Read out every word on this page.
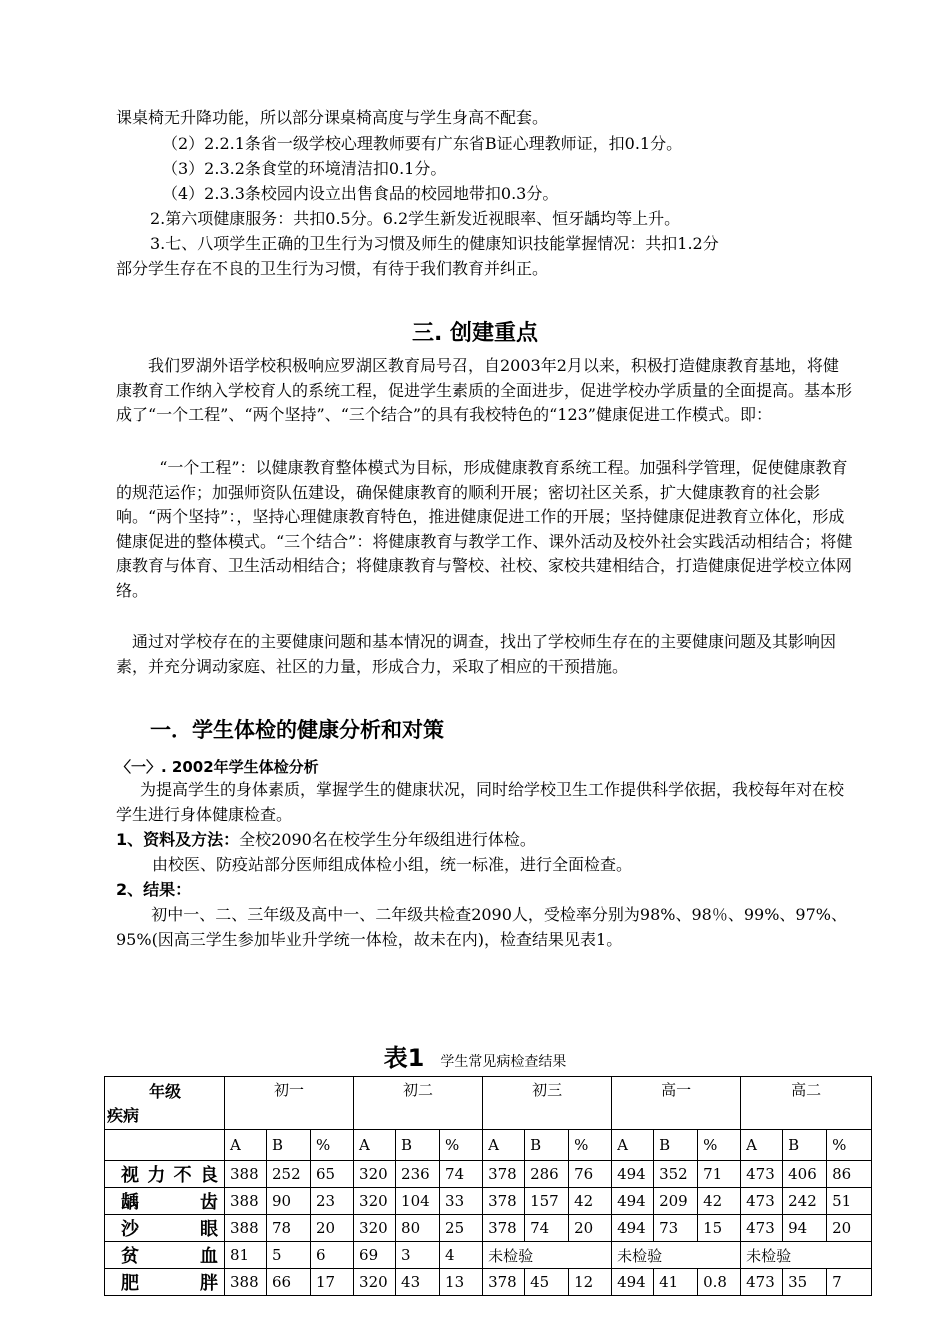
课桌椅无升降功能，所以部分课桌椅高度与学生身高不配套。
（2）2.2.1条省一级学校心理教师要有广东省B证心理教师证，扣0.1分。
（3）2.3.2条食堂的环境清洁扣0.1分。
（4）2.3.3条校园内设立出售食品的校园地带扣0.3分。
2.第六项健康服务：共扣0.5分。6.2学生新发近视眼率、恒牙龋均等上升。
3.七、八项学生正确的卫生行为习惯及师生的健康知识技能掌握情况：共扣1.2分
部分学生存在不良的卫生行为习惯，有待于我们教育并纠正。
三. 创建重点
我们罗湖外语学校积极响应罗湖区教育局号召，自2003年2月以来，积极打造健康教育基地，将健康教育工作纳入学校育人的系统工程，促进学生素质的全面进步，促进学校办学质量的全面提高。基本形成了“一个工程”、“两个坚持”、“三个结合”的具有我校特色的“123”健康促进工作模式。即：
“一个工程”：以健康教育整体模式为目标，形成健康教育系统工程。加强科学管理，促使健康教育的规范运作；加强师资队伍建设，确保健康教育的顺利开展；密切社区关系，扩大健康教育的社会影响。“两个坚持”：，坚持心理健康教育特色，推进健康促进工作的开展；坚持健康促进教育立体化，形成健康促进的整体模式。“三个结合”：将健康教育与教学工作、课外活动及校外社会实践活动相结合；将健康教育与体育、卫生活动相结合；将健康教育与警校、社校、家校共建相结合，打造健康促进学校立体网络。
通过对学校存在的主要健康问题和基本情况的调查，找出了学校师生存在的主要健康问题及其影响因素，并充分调动家庭、社区的力量，形成合力，采取了相应的干预措施。
一．学生体检的健康分析和对策
〈一〉. 2002年学生体检分析
为提高学生的身体素质，掌握学生的健康状况，同时给学校卫生工作提供科学依据，我校每年对在校学生进行身体健康检查。
1、资料及方法：全校2090名在校学生分年级组进行体检。
由校医、防疫站部分医师组成体检小组，统一标准，进行全面检查。
2、结果：
初中一、二、三年级及高中一、二年级共检查2090人，受检率分别为98%、98％、99%、97%、95%(因高三学生参加毕业升学统一体检，故未在内)，检查结果见表1。
表1 学生常见病检查结果
年级
疾病	初一			初二			初三			高一			高二		
	A	B	%	A	B	%	A	B	%	A	B	%	A	B	%
视力不良	388	252	65	320	236	74	378	286	76	494	352	71	473	406	86
龋齿	388	90	23	320	104	33	378	157	42	494	209	42	473	242	51
沙眼	388	78	20	320	80	25	378	74	20	494	73	15	473	94	20
贫血	81	5	6	69	3	4	未检验			未检验			未检验		
肥胖	388	66	17	320	43	13	378	45	12	494	41	0.8	473	35	7
